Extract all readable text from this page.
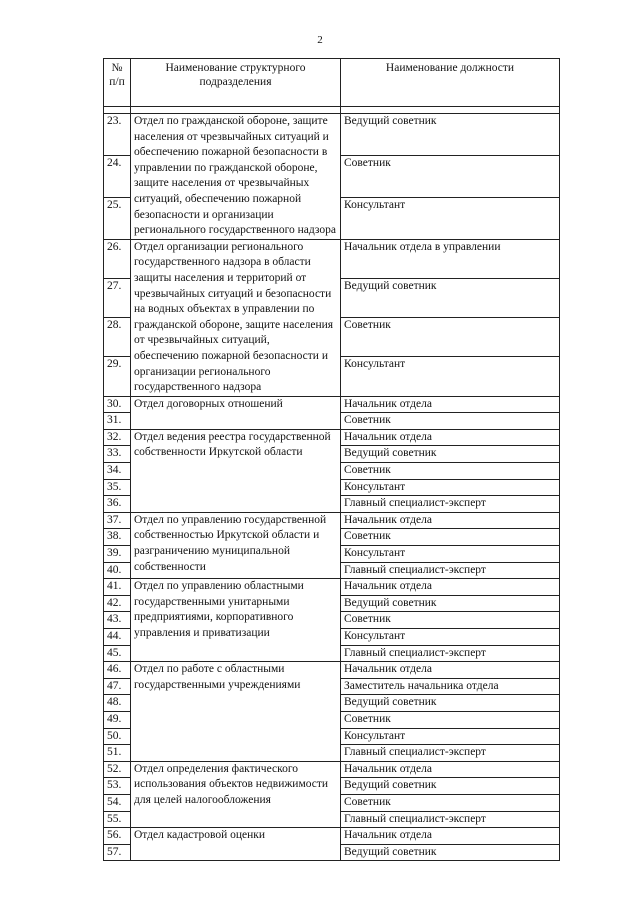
2
№ п/п	Наименование структурного подразделения	Наименование должности

23.	Отдел по гражданской обороне, защите населения от чрезвычайных ситуаций и обеспечению пожарной безопасности в управлении по гражданской обороне, защите населения от чрезвычайных ситуаций, обеспечению пожарной безопасности и организации регионального государственного надзора	Ведущий советник
24.		Советник
25.		Консультант
26.	Отдел организации регионального государственного надзора в области защиты населения и территорий от чрезвычайных ситуаций и безопасности на водных объектах в управлении по гражданской обороне, защите населения от чрезвычайных ситуаций, обеспечению пожарной безопасности и организации регионального государственного надзора	Начальник отдела в управлении
27.		Ведущий советник
28.		Советник
29.		Консультант
30.	Отдел договорных отношений	Начальник отдела
31.		Советник
32.	Отдел ведения реестра государственной собственности Иркутской области	Начальник отдела
33.		Ведущий советник
34.		Советник
35.		Консультант
36.		Главный специалист-эксперт
37.	Отдел по управлению государственной собственностью Иркутской области и разграничению муниципальной собственности	Начальник отдела
38.		Советник
39.		Консультант
40.		Главный специалист-эксперт
41.	Отдел по управлению областными государственными унитарными предприятиями, корпоративного управления и приватизации	Начальник отдела
42.		Ведущий советник
43.		Советник
44.		Консультант
45.		Главный специалист-эксперт
46.	Отдел по работе с областными государственными учреждениями	Начальник отдела
47.		Заместитель начальника отдела
48.		Ведущий советник
49.		Советник
50.		Консультант
51.		Главный специалист-эксперт
52.	Отдел определения фактического использования объектов недвижимости для целей налогообложения	Начальник отдела
53.		Ведущий советник
54.		Советник
55.		Главный специалист-эксперт
56.	Отдел кадастровой оценки	Начальник отдела
57.		Ведущий советник
